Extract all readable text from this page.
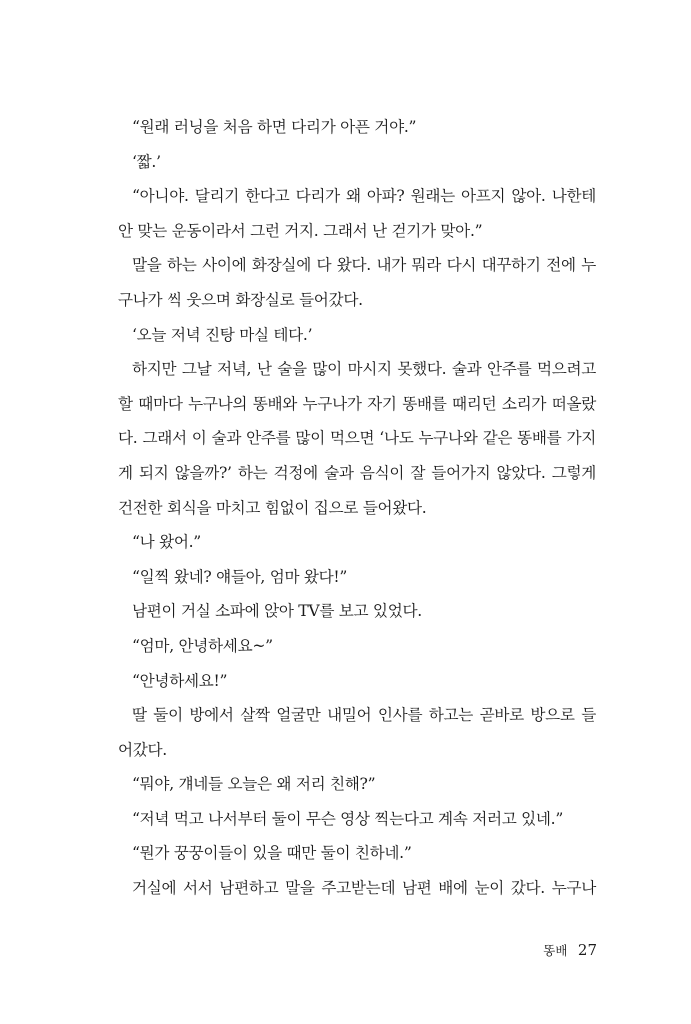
“원래 러닝을 처음 하면 다리가 아픈 거야.”
‘짧.’
“아니야. 달리기 한다고 다리가 왜 아파? 원래는 아프지 않아. 나한테
안 맞는 운동이라서 그런 거지. 그래서 난 걷기가 맞아.”
말을 하는 사이에 화장실에 다 왔다. 내가 뭐라 다시 대꾸하기 전에 누
구나가 씩 웃으며 화장실로 들어갔다.
‘오늘 저녁 진탕 마실 테다.’
하지만 그날 저녁, 난 술을 많이 마시지 못했다. 술과 안주를 먹으려고
할 때마다 누구나의 똥배와 누구나가 자기 똥배를 때리던 소리가 떠올랐
다. 그래서 이 술과 안주를 많이 먹으면 ‘나도 누구나와 같은 똥배를 가지
게 되지 않을까?’ 하는 걱정에 술과 음식이 잘 들어가지 않았다. 그렇게
건전한 회식을 마치고 힘없이 집으로 들어왔다.
“나 왔어.”
“일찍 왔네? 얘들아, 엄마 왔다!”
남편이 거실 소파에 앉아 TV를 보고 있었다.
“엄마, 안녕하세요~”
“안녕하세요!”
딸 둘이 방에서 살짝 얼굴만 내밀어 인사를 하고는 곧바로 방으로 들
어갔다.
“뭐야, 걔네들 오늘은 왜 저리 친해?”
“저녁 먹고 나서부터 둘이 무슨 영상 찍는다고 계속 저러고 있네.”
“뭔가 꿍꿍이들이 있을 때만 둘이 친하네.”
거실에 서서 남편하고 말을 주고받는데 남편 배에 눈이 갔다. 누구나
똥배 27
